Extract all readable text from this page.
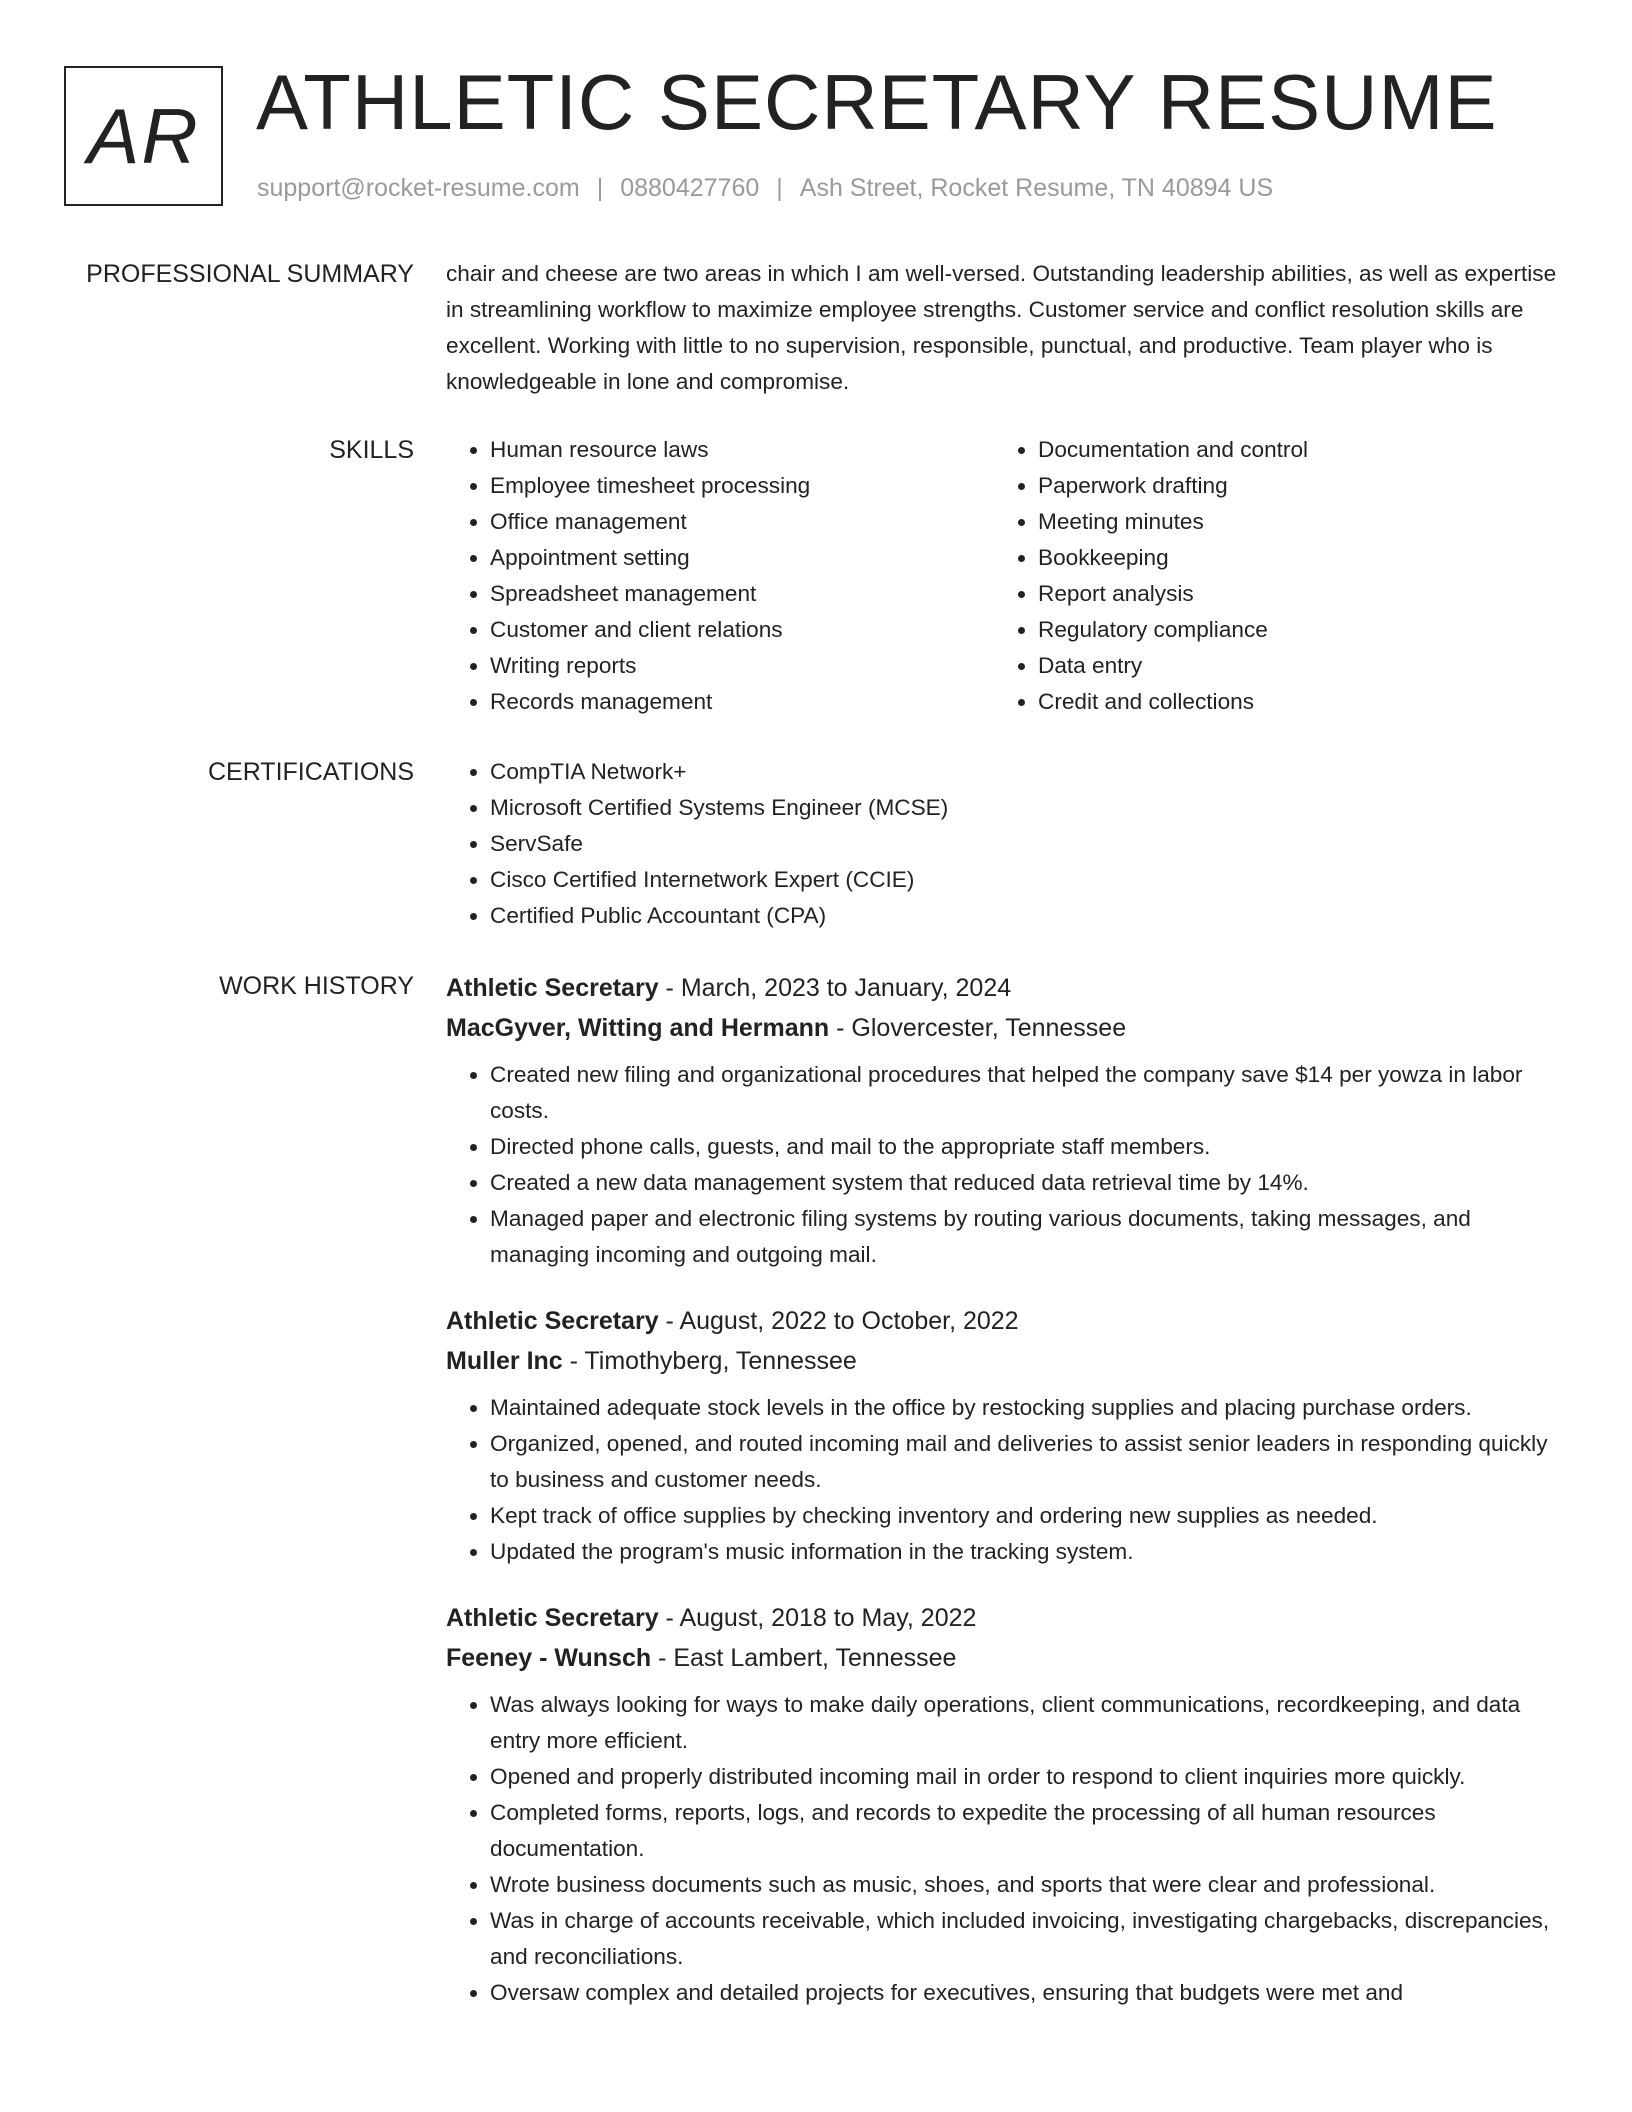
AR ATHLETIC SECRETARY RESUME
support@rocket-resume.com | 0880427760 | Ash Street, Rocket Resume, TN 40894 US
PROFESSIONAL SUMMARY chair and cheese are two areas in which I am well-versed. Outstanding leadership abilities, as well as expertise in streamlining workflow to maximize employee strengths. Customer service and conflict resolution skills are excellent. Working with little to no supervision, responsible, punctual, and productive. Team player who is knowledgeable in lone and compromise.

SKILLS	• Human resource laws
• Employee timesheet processing
• Office management
• Appointment setting
• Spreadsheet management
• Customer and client relations
• Writing reports
• Records management
• Documentation and control
• Paperwork drafting
• Meeting minutes
• Bookkeeping
• Report analysis
• Regulatory compliance
• Data entry
• Credit and collections
CERTIFICATIONS	• CompTIA Network+
• Microsoft Certified Systems Engineer (MCSE)
• ServSafe
• Cisco Certified Internetwork Expert (CCIE)
• Certified Public Accountant (CPA)
WORK HISTORY Athletic Secretary - March, 2023 to January, 2024
MacGyver, Witting and Hermann - Glovercester, Tennessee
• Created new filing and organizational procedures that helped the company save $14 per yowza in labor costs.
• Directed phone calls, guests, and mail to the appropriate staff members.
• Created a new data management system that reduced data retrieval time by 14%.
• Managed paper and electronic filing systems by routing various documents, taking messages, and managing incoming and outgoing mail.
Athletic Secretary - August, 2022 to October, 2022
Muller Inc - Timothyberg, Tennessee
• Maintained adequate stock levels in the office by restocking supplies and placing purchase orders.
• Organized, opened, and routed incoming mail and deliveries to assist senior leaders in responding quickly to business and customer needs.
• Kept track of office supplies by checking inventory and ordering new supplies as needed.
• Updated the program's music information in the tracking system.
Athletic Secretary - August, 2018 to May, 2022
Feeney - Wunsch - East Lambert, Tennessee
• Was always looking for ways to make daily operations, client communications, recordkeeping, and data entry more efficient.
• Opened and properly distributed incoming mail in order to respond to client inquiries more quickly.
• Completed forms, reports, logs, and records to expedite the processing of all human resources documentation.
• Wrote business documents such as music, shoes, and sports that were clear and professional.
• Was in charge of accounts receivable, which included invoicing, investigating chargebacks, discrepancies, and reconciliations.
• Oversaw complex and detailed projects for executives, ensuring that budgets were met and
